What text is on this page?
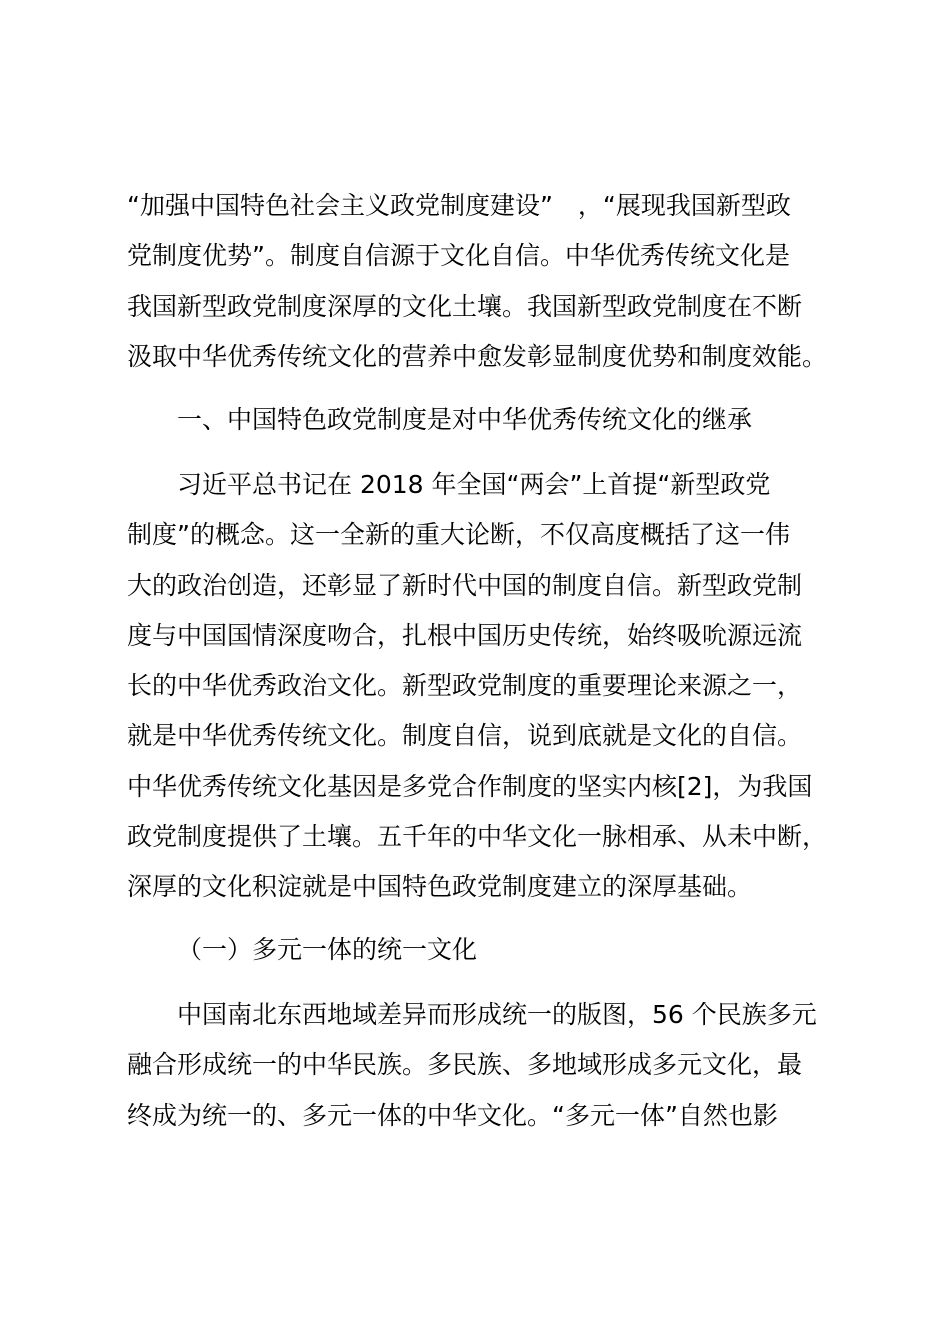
“加强中国特色社会主义政党制度建设”　，“展现我国新型政

党制度优势”。制度自信源于文化自信。中华优秀传统文化是

我国新型政党制度深厚的文化土壤。我国新型政党制度在不断

汲取中华优秀传统文化的营养中愈发彰显制度优势和制度效能。

一、中国特色政党制度是对中华优秀传统文化的继承

习近平总书记在 2018 年全国“两会”上首提“新型政党

制度”的概念。这一全新的重大论断，不仅高度概括了这一伟

大的政治创造，还彰显了新时代中国的制度自信。新型政党制

度与中国国情深度吻合，扎根中国历史传统，始终吸吮源远流

长的中华优秀政治文化。新型政党制度的重要理论来源之一，

就是中华优秀传统文化。制度自信，说到底就是文化的自信。

中华优秀传统文化基因是多党合作制度的坚实内核[2]，为我国

政党制度提供了土壤。五千年的中华文化一脉相承、从未中断，

深厚的文化积淀就是中国特色政党制度建立的深厚基础。

（一）多元一体的统一文化

中国南北东西地域差异而形成统一的版图，56 个民族多元

融合形成统一的中华民族。多民族、多地域形成多元文化，最

终成为统一的、多元一体的中华文化。“多元一体”自然也影
